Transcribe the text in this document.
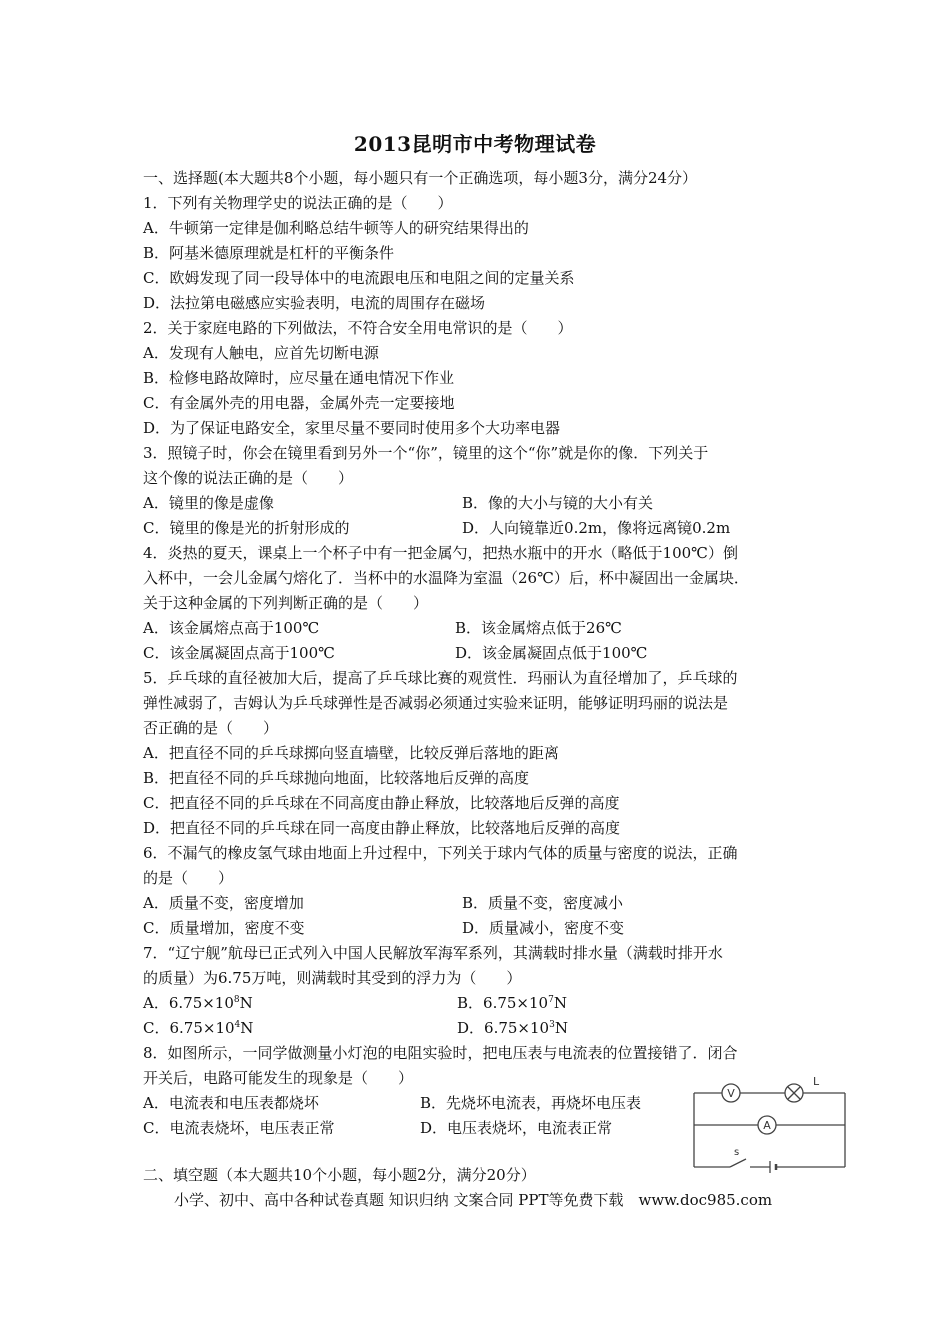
2013昆明市中考物理试卷
一、选择题(本大题共8个小题，每小题只有一个正确选项，每小题3分，满分24分）
1．下列有关物理学史的说法正确的是（　　）
A．牛顿第一定律是伽利略总结牛顿等人的研究结果得出的
B．阿基米德原理就是杠杆的平衡条件
C．欧姆发现了同一段导体中的电流跟电压和电阻之间的定量关系
D．法拉第电磁感应实验表明，电流的周围存在磁场
2．关于家庭电路的下列做法，不符合安全用电常识的是（　　）
A．发现有人触电，应首先切断电源
B．检修电路故障时，应尽量在通电情况下作业
C．有金属外壳的用电器，金属外壳一定要接地
D．为了保证电路安全，家里尽量不要同时使用多个大功率电器
3．照镜子时，你会在镜里看到另外一个“你”，镜里的这个“你”就是你的像．下列关于
这个像的说法正确的是（　　）
A．镜里的像是虚像	B．像的大小与镜的大小有关
C．镜里的像是光的折射形成的	D．人向镜靠近0.2m，像将远离镜0.2m
4．炎热的夏天，课桌上一个杯子中有一把金属勺，把热水瓶中的开水（略低于100℃）倒
入杯中，一会儿金属勺熔化了．当杯中的水温降为室温（26℃）后，杯中凝固出一金属块．
关于这种金属的下列判断正确的是（　　）
A．该金属熔点高于100℃	B．该金属熔点低于26℃
C．该金属凝固点高于100℃	D．该金属凝固点低于100℃
5．乒乓球的直径被加大后，提高了乒乓球比赛的观赏性．玛丽认为直径增加了，乒乓球的
弹性减弱了，吉姆认为乒乓球弹性是否减弱必须通过实验来证明，能够证明玛丽的说法是
否正确的是（　　）
A．把直径不同的乒乓球掷向竖直墙壁，比较反弹后落地的距离
B．把直径不同的乒乓球抛向地面，比较落地后反弹的高度
C．把直径不同的乒乓球在不同高度由静止释放，比较落地后反弹的高度
D．把直径不同的乒乓球在同一高度由静止释放，比较落地后反弹的高度
6．不漏气的橡皮氢气球由地面上升过程中，下列关于球内气体的质量与密度的说法，正确
的是（　　）
A．质量不变，密度增加	B．质量不变，密度减小
C．质量增加，密度不变	D．质量减小，密度不变
7．“辽宁舰”航母已正式列入中国人民解放军海军系列，其满载时排水量（满载时排开水
的质量）为6.75万吨，则满载时其受到的浮力为（　　）
A．$6.75\times 10^8N$	B．$6.75\times 10^7N$
C．$6.75\times 10^4N$	D．$6.75\times 10^3N$
8．如图所示，一同学做测量小灯泡的电阻实验时，把电压表与电流表的位置接错了．闭合
开关后，电路可能发生的现象是（　　）
A．电流表和电压表都烧坏	B．先烧坏电流表，再烧坏电压表
C．电流表烧坏，电压表正常	D．电压表烧坏，电流表正常
V
L
A
s
二、填空题（本大题共10个小题，每小题2分，满分20分）
小学、初中、高中各种试卷真题 知识归纳 文案合同 PPT等免费下载　www.doc985.com
